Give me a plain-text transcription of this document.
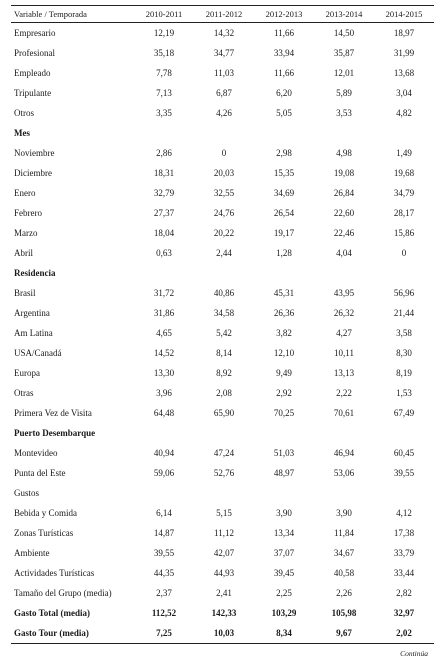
Variable / Temporada	2010-2011	2011-2012	2012-2013	2013-2014	2014-2015
Empresario	12,19	14,32	11,66	14,50	18,97
Profesional	35,18	34,77	33,94	35,87	31,99
Empleado	7,78	11,03	11,66	12,01	13,68
Tripulante	7,13	6,87	6,20	5,89	3,04
Otros	3,35	4,26	5,05	3,53	4,82
Mes					
Noviembre	2,86	0	2,98	4,98	1,49
Diciembre	18,31	20,03	15,35	19,08	19,68
Enero	32,79	32,55	34,69	26,84	34,79
Febrero	27,37	24,76	26,54	22,60	28,17
Marzo	18,04	20,22	19,17	22,46	15,86
Abril	0,63	2,44	1,28	4,04	0
Residencia					
Brasil	31,72	40,86	45,31	43,95	56,96
Argentina	31,86	34,58	26,36	26,32	21,44
Am Latina	4,65	5,42	3,82	4,27	3,58
USA/Canadá	14,52	8,14	12,10	10,11	8,30
Europa	13,30	8,92	9,49	13,13	8,19
Otras	3,96	2,08	2,92	2,22	1,53
Primera Vez de Visita	64,48	65,90	70,25	70,61	67,49
Puerto Desembarque					
Montevideo	40,94	47,24	51,03	46,94	60,45
Punta del Este	59,06	52,76	48,97	53,06	39,55
Gustos					
Bebida y Comida	6,14	5,15	3,90	3,90	4,12
Zonas Turísticas	14,87	11,12	13,34	11,84	17,38
Ambiente	39,55	42,07	37,07	34,67	33,79
Actividades Turísticas	44,35	44,93	39,45	40,58	33,44
Tamaño del Grupo (media)	2,37	2,41	2,25	2,26	2,82
Gasto Total (media)	112,52	142,33	103,29	105,98	32,97
Gasto Tour (media)	7,25	10,03	8,34	9,67	2,02
Continúa
